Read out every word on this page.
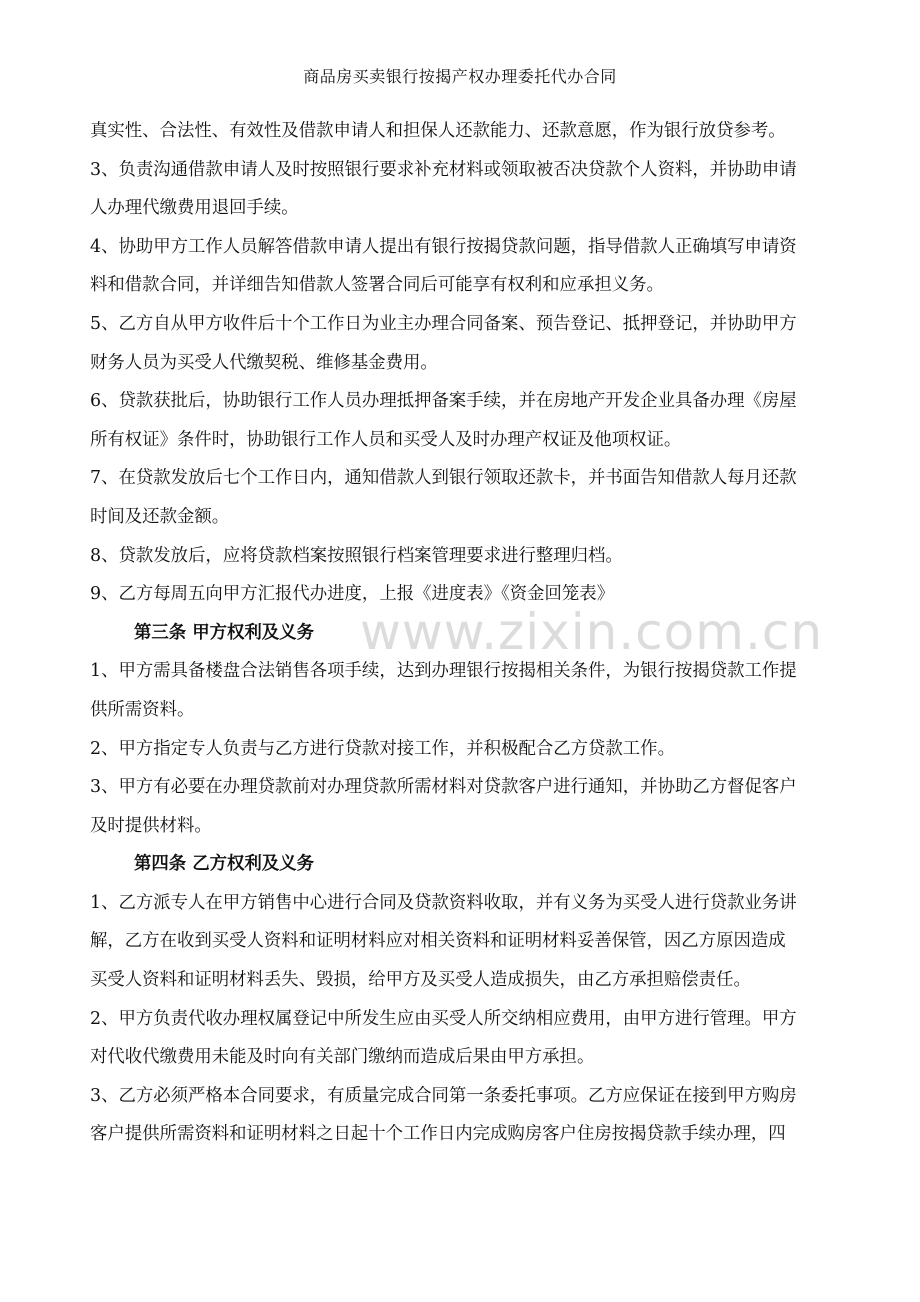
商品房买卖银行按揭产权办理委托代办合同
真实性、合法性、有效性及借款申请人和担保人还款能力、还款意愿，作为银行放贷参考。
3、负责沟通借款申请人及时按照银行要求补充材料或领取被否决贷款个人资料，并协助申请
人办理代缴费用退回手续。
4、协助甲方工作人员解答借款申请人提出有银行按揭贷款问题，指导借款人正确填写申请资
料和借款合同，并详细告知借款人签署合同后可能享有权利和应承担义务。
5、乙方自从甲方收件后十个工作日为业主办理合同备案、预告登记、抵押登记，并协助甲方
财务人员为买受人代缴契税、维修基金费用。
6、贷款获批后，协助银行工作人员办理抵押备案手续，并在房地产开发企业具备办理《房屋
所有权证》条件时，协助银行工作人员和买受人及时办理产权证及他项权证。
7、在贷款发放后七个工作日内，通知借款人到银行领取还款卡，并书面告知借款人每月还款
时间及还款金额。
8、贷款发放后，应将贷款档案按照银行档案管理要求进行整理归档。
9、乙方每周五向甲方汇报代办进度，上报《进度表》《资金回笼表》
第三条 甲方权利及义务
1、甲方需具备楼盘合法销售各项手续，达到办理银行按揭相关条件，为银行按揭贷款工作提
供所需资料。
2、甲方指定专人负责与乙方进行贷款对接工作，并积极配合乙方贷款工作。
3、甲方有必要在办理贷款前对办理贷款所需材料对贷款客户进行通知，并协助乙方督促客户
及时提供材料。
第四条 乙方权利及义务
1、乙方派专人在甲方销售中心进行合同及贷款资料收取，并有义务为买受人进行贷款业务讲
解，乙方在收到买受人资料和证明材料应对相关资料和证明材料妥善保管，因乙方原因造成
买受人资料和证明材料丢失、毁损，给甲方及买受人造成损失，由乙方承担赔偿责任。
2、甲方负责代收办理权属登记中所发生应由买受人所交纳相应费用，由甲方进行管理。甲方
对代收代缴费用未能及时向有关部门缴纳而造成后果由甲方承担。
3、乙方必须严格本合同要求，有质量完成合同第一条委托事项。乙方应保证在接到甲方购房
客户提供所需资料和证明材料之日起十个工作日内完成购房客户住房按揭贷款手续办理，四
www.zixin.com.cn
